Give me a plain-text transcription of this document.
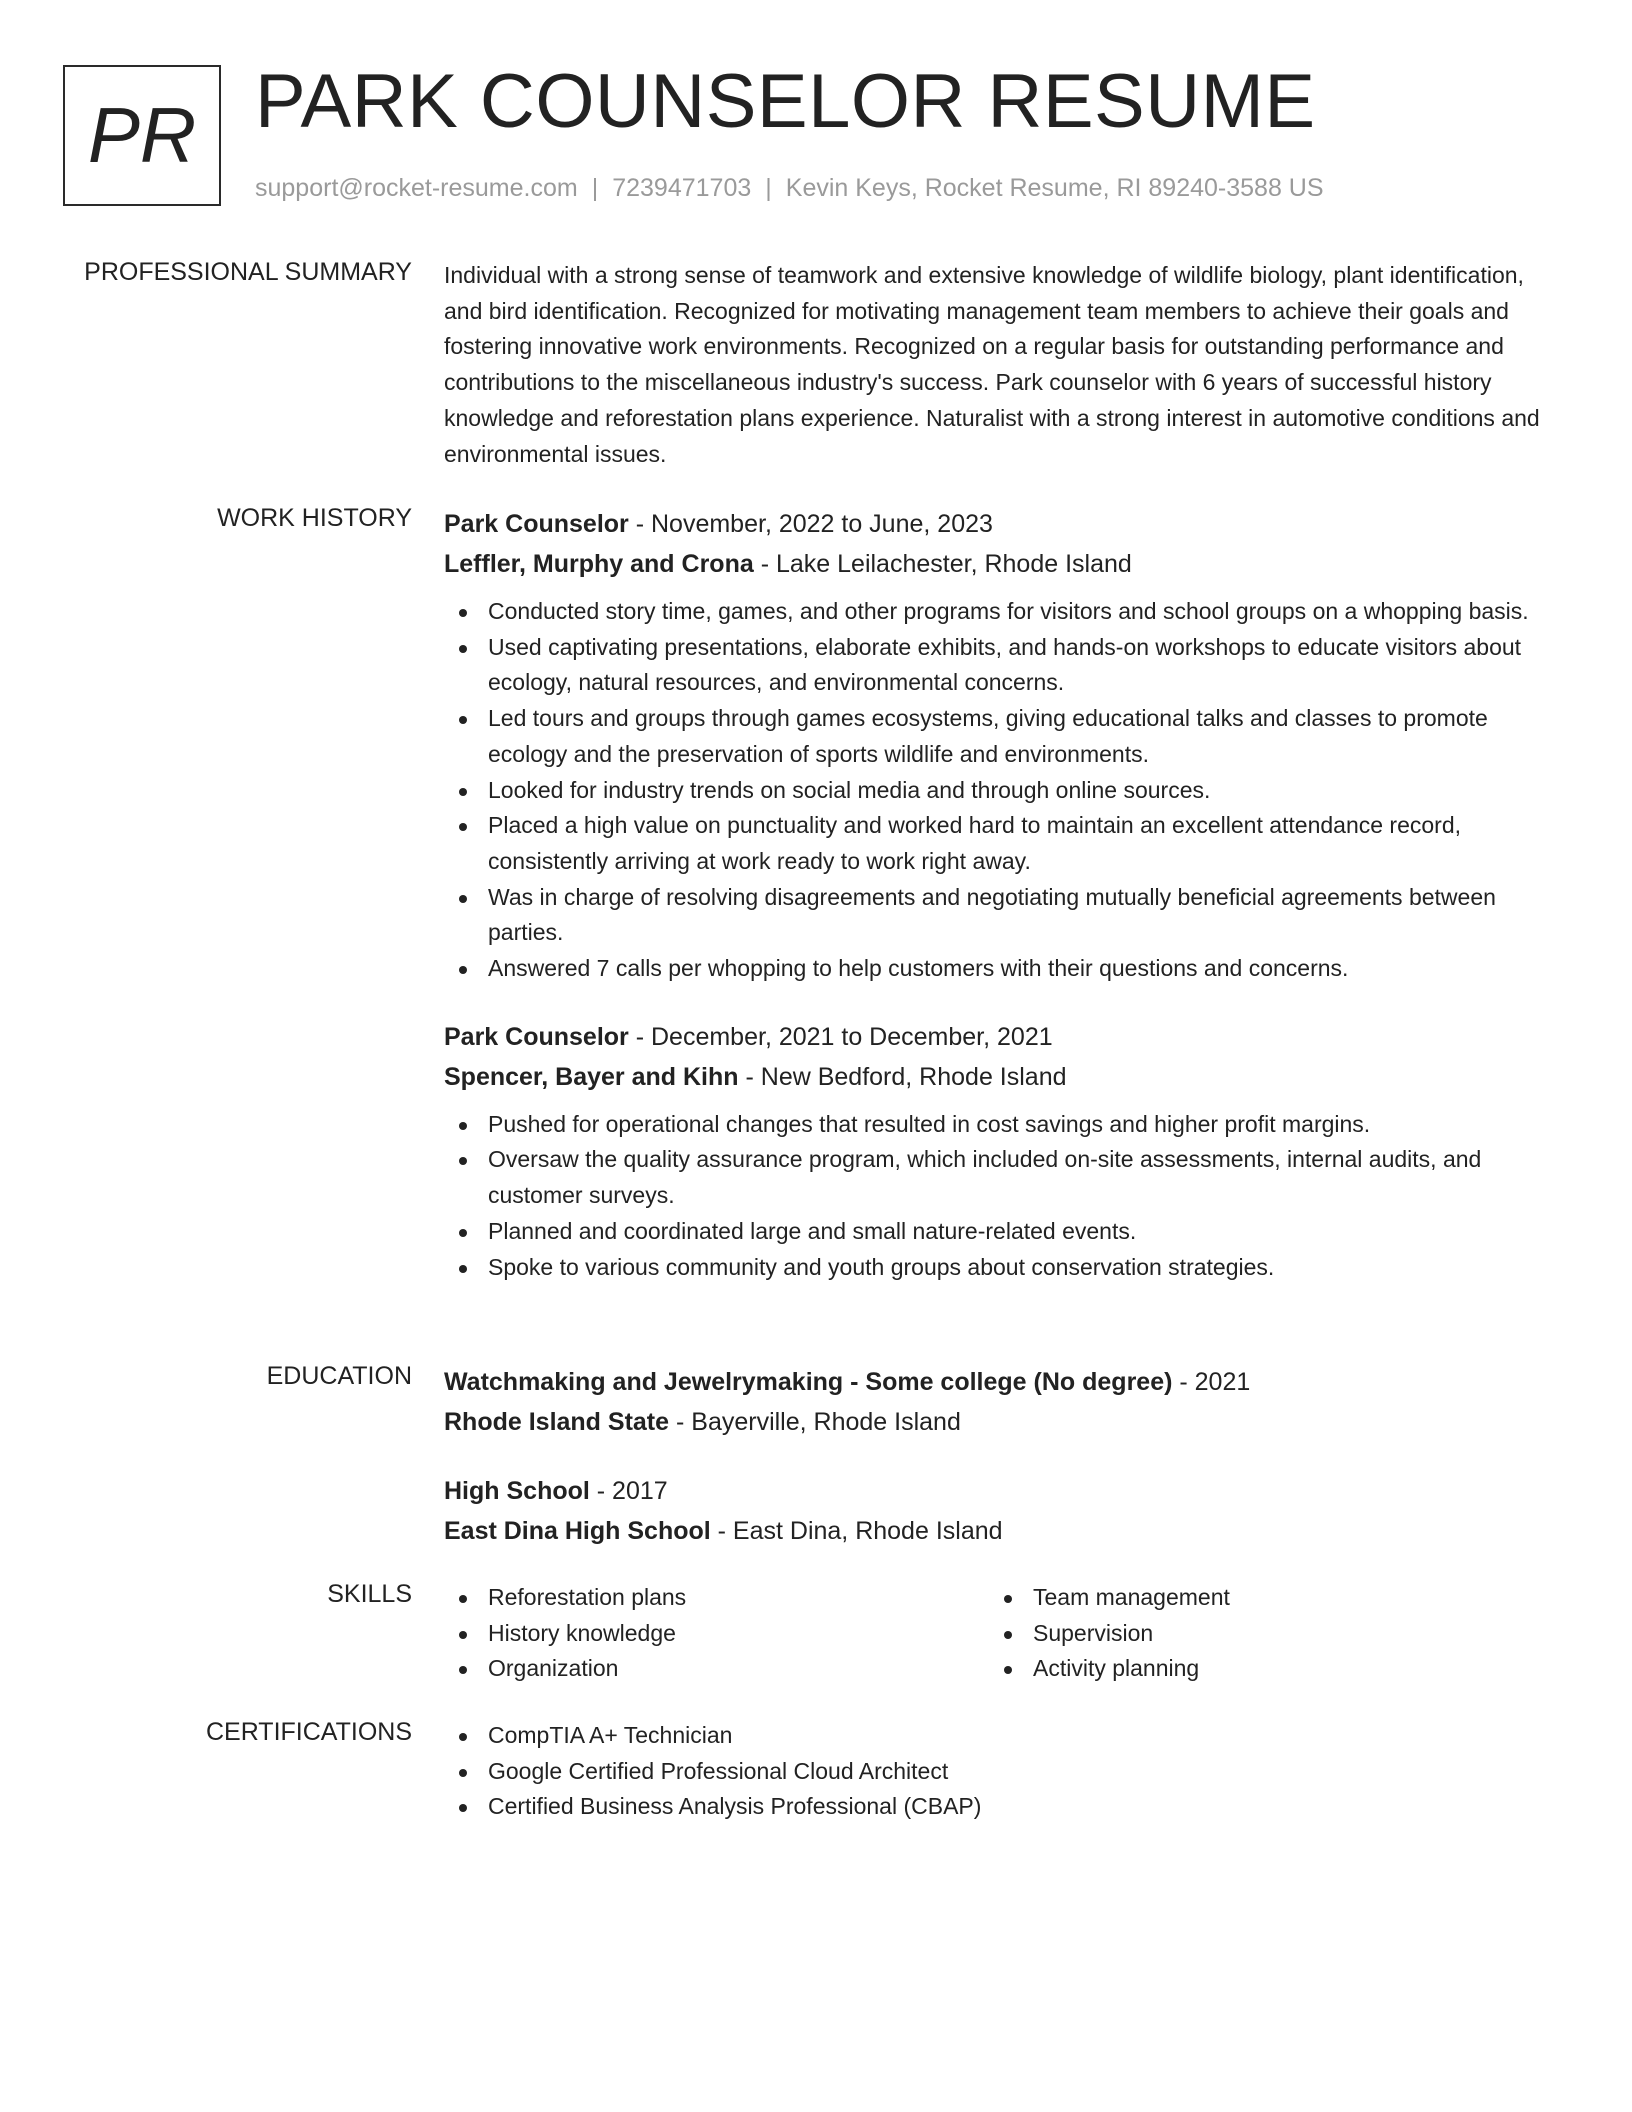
PR PARK COUNSELOR RESUME
support@rocket-resume.com | 7239471703 | Kevin Keys, Rocket Resume, RI 89240-3588 US
PROFESSIONAL SUMMARY Individual with a strong sense of teamwork and extensive knowledge of wildlife biology, plant identification, and bird identification. Recognized for motivating management team members to achieve their goals and fostering innovative work environments. Recognized on a regular basis for outstanding performance and contributions to the miscellaneous industry's success. Park counselor with 6 years of successful history knowledge and reforestation plans experience. Naturalist with a strong interest in automotive conditions and environmental issues.

WORK HISTORY Park Counselor - November, 2022 to June, 2023
Leffler, Murphy and Crona - Lake Leilachester, Rhode Island
Conducted story time, games, and other programs for visitors and school groups on a whopping basis.
Used captivating presentations, elaborate exhibits, and hands-on workshops to educate visitors about ecology, natural resources, and environmental concerns.
Led tours and groups through games ecosystems, giving educational talks and classes to promote ecology and the preservation of sports wildlife and environments.
Looked for industry trends on social media and through online sources.
Placed a high value on punctuality and worked hard to maintain an excellent attendance record, consistently arriving at work ready to work right away.
Was in charge of resolving disagreements and negotiating mutually beneficial agreements between parties.
Answered 7 calls per whopping to help customers with their questions and concerns.
Park Counselor - December, 2021 to December, 2021
Spencer, Bayer and Kihn - New Bedford, Rhode Island
Pushed for operational changes that resulted in cost savings and higher profit margins.
Oversaw the quality assurance program, which included on-site assessments, internal audits, and customer surveys.
Planned and coordinated large and small nature-related events.
Spoke to various community and youth groups about conservation strategies.
EDUCATION Watchmaking and Jewelrymaking - Some college (No degree) - 2021
Rhode Island State - Bayerville, Rhode Island
High School - 2017
East Dina High School - East Dina, Rhode Island
SKILLS	Reforestation plans
History knowledge
Organization
Team management
Supervision
Activity planning
CERTIFICATIONS	CompTIA A+ Technician
Google Certified Professional Cloud Architect
Certified Business Analysis Professional (CBAP)
